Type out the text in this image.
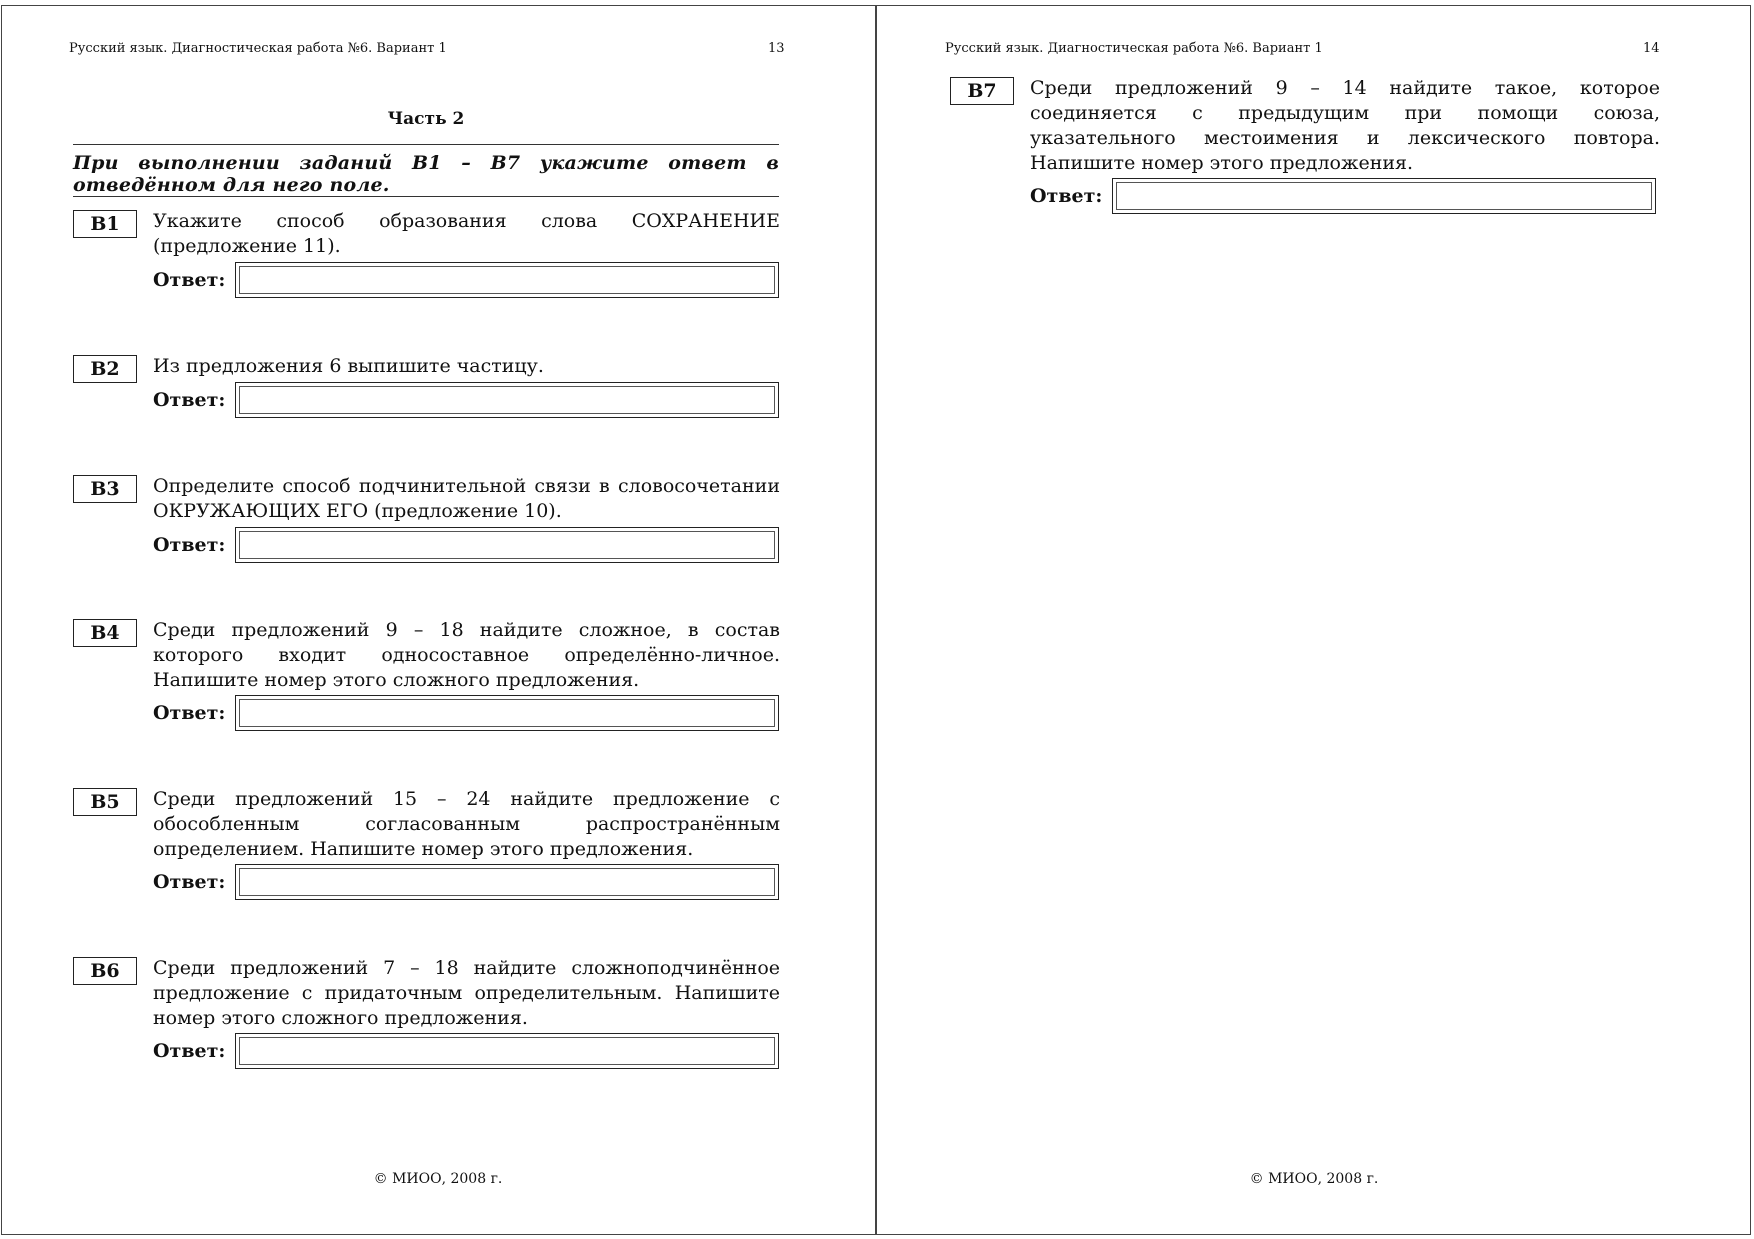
Русский язык. Диагностическая работа №6. Вариант 1	13
Часть 2
При выполнении заданий В1 – В7 укажите ответ в
отведённом для него поле.
B1	Укажите способ образования слова СОХРАНЕНИЕ (предложение 11).
Ответ:
B2	Из предложения 6 выпишите частицу.
Ответ:
B3	Определите способ подчинительной связи в словосочетании ОКРУЖАЮЩИХ ЕГО (предложение 10).
Ответ:
B4	Среди предложений 9 – 18 найдите сложное, в состав которого входит односоставное определённо-личное. Напишите номер этого сложного предложения.
Ответ:
B5	Среди предложений 15 – 24 найдите предложение с обособленным согласованным распространённым определением. Напишите номер этого предложения.
Ответ:
B6	Среди предложений 7 – 18 найдите сложноподчинённое предложение с придаточным определительным. Напишите номер этого сложного предложения.
Ответ:
© МИОО, 2008 г.
Русский язык. Диагностическая работа №6. Вариант 1	14
B7	Среди предложений 9 – 14 найдите такое, которое соединяется с предыдущим при помощи союза, указательного местоимения и лексического повтора. Напишите номер этого предложения.
Ответ:
© МИОО, 2008 г.
